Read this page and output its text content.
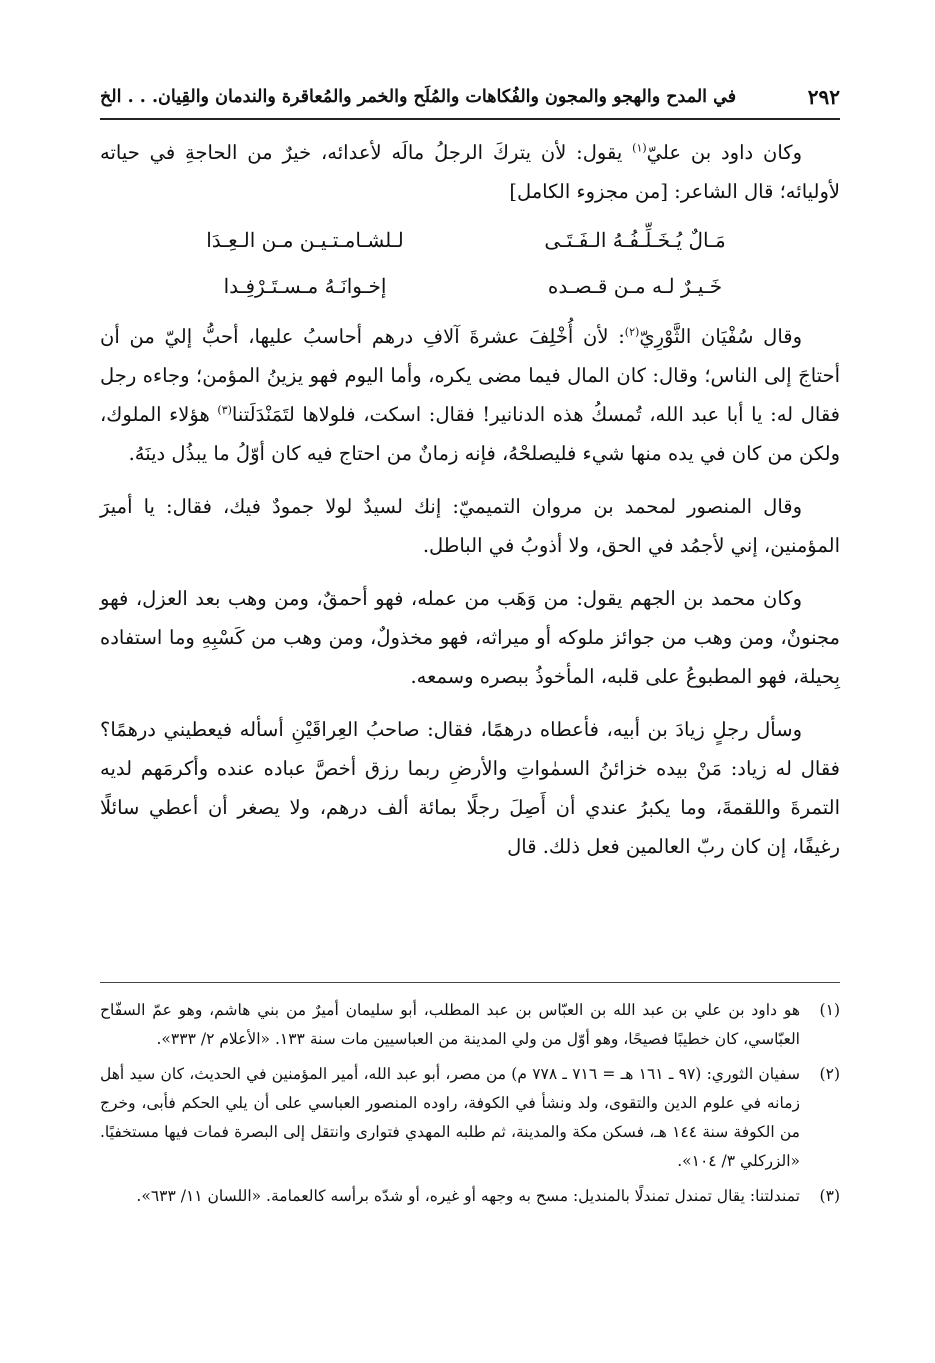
٢٩٢
في المدح والهجو والمجون والفُكاهات والمُلَح والخمر والمُعاقرة والندمان والقِيان. . . الخ

وكان داود بن عليّ$^{(١)}$ يقول: لأن يتركَ الرجلُ مالَه لأعدائه، خيرٌ من الحاجةِ في حياته لأوليائه؛ قال الشاعر: [من مجزوء الكامل]

مَـالٌ يُـخَـلِّـفُـهُ الـفَـتَـى
لـلشـامـتـيـن مـن الـعِـدَا
خَـيـرٌ لـه مـن قـصـده
إخـوانَـهُ مـسـتَـرْفِـدا

وقال سُفْيَان الثَّوْرِيّ$^{(٢)}$: لأن أُخْلِفَ عشرةَ آلافِ درهم أحاسبُ عليها، أحبُّ إليّ من أن أحتاجَ إلى الناس؛ وقال: كان المال فيما مضى يكره، وأما اليوم فهو يزينُ المؤمن؛ وجاءه رجل فقال له: يا أبا عبد الله، تُمسكُ هذه الدنانير! فقال: اسكت، فلولاها لتَمَنْدَلَتنا$^{(٣)}$ هؤلاء الملوك، ولكن من كان في يده منها شيء فليصلحْهُ، فإنه زمانٌ من احتاج فيه كان أوّلُ ما يبذُل دينَهُ.

وقال المنصور لمحمد بن مروان التميميّ: إنك لسيدٌ لولا جمودٌ فيك، فقال: يا أميرَ المؤمنين، إني لأجمُد في الحق، ولا أذوبُ في الباطل.

وكان محمد بن الجهم يقول: من وَهَب من عمله، فهو أحمقٌ، ومن وهب بعد العزل، فهو مجنونٌ، ومن وهب من جوائز ملوكه أو ميراثه، فهو مخذولٌ، ومن وهب من كَسْبِهِ وما استفاده بِحيلة، فهو المطبوعُ على قلبه، المأخوذُ ببصره وسمعه.

وسأل رجلٍ زيادَ بن أبيه، فأعطاه درهمًا، فقال: صاحبُ العِراقَيْنِ أسأله فيعطيني درهمًا؟ فقال له زياد: مَنْ بيده خزائنُ السمٰواتِ والأرضِ ربما رزق أخصَّ عباده عنده وأكرمَهم لديه التمرةَ واللقمةَ، وما يكبرُ عندي أن أَصِلَ رجلًا بمائة ألف درهم، ولا يصغر أن أعطي سائلًا رغيفًا، إن كان ربّ العالمين فعل ذلك. قال

(١)
هو داود بن علي بن عبد الله بن العبّاس بن عبد المطلب، أبو سليمان أميرٌ من بني هاشم، وهو عمّ السفّاح العبّاسي، كان خطيبًا فصيحًا، وهو أوّل من ولي المدينة من العباسيين مات سنة ١٣٣. «الأعلام ٢/ ٣٣٣».
(٢)
سفيان الثوري: (٩٧ ـ ١٦١ هـ = ٧١٦ ـ ٧٧٨ م) من مصر، أبو عبد الله، أمير المؤمنين في الحديث، كان سيد أهل زمانه في علوم الدين والتقوى، ولد ونشأ في الكوفة، راوده المنصور العباسي على أن يلي الحكم فأبى، وخرج من الكوفة سنة ١٤٤ هـ، فسكن مكة والمدينة، ثم طلبه المهدي فتوارى وانتقل إلى البصرة فمات فيها مستخفيًا. «الزركلي ٣/ ١٠٤».
(٣)
تمندلتنا: يقال تمندل تمندلًا بالمنديل: مسح به وجهه أو غيره، أو شدّه برأسه كالعمامة. «اللسان ١١/ ٦٣٣».
